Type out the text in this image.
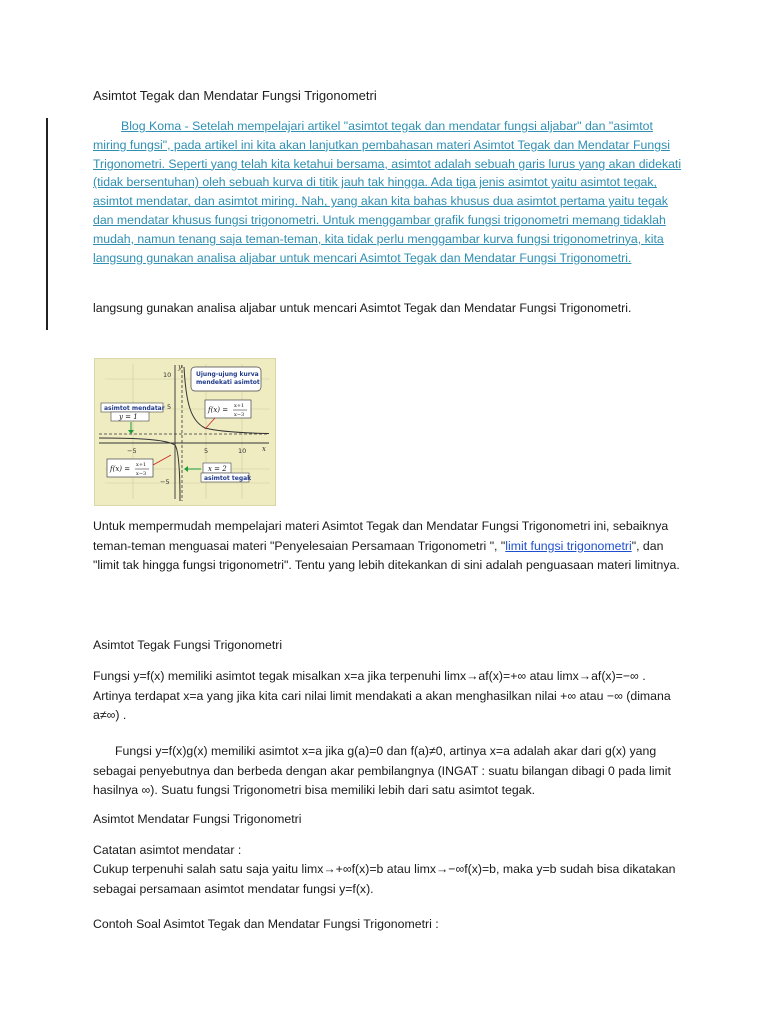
Asimtot Tegak dan Mendatar Fungsi Trigonometri
Blog Koma - Setelah mempelajari artikel "asimtot tegak dan mendatar fungsi aljabar" dan "asimtot miring fungsi", pada artikel ini kita akan lanjutkan pembahasan materi Asimtot Tegak dan Mendatar Fungsi Trigonometri. Seperti yang telah kita ketahui bersama, asimtot adalah sebuah garis lurus yang akan didekati (tidak bersentuhan) oleh sebuah kurva di titik jauh tak hingga. Ada tiga jenis asimtot yaitu asimtot tegak, asimtot mendatar, dan asimtot miring. Nah, yang akan kita bahas khusus dua asimtot pertama yaitu tegak dan mendatar khusus fungsi trigonometri. Untuk menggambar grafik fungsi trigonometri memang tidaklah mudah, namun tenang saja teman-teman, kita tidak perlu menggambar kurva fungsi trigonometrinya, kita langsung gunakan analisa aljabar untuk mencari Asimtot Tegak dan Mendatar Fungsi Trigonometri.
langsung gunakan analisa aljabar untuk mencari Asimtot Tegak dan Mendatar Fungsi Trigonometri.
10
5
−5
−5	5	10 x
y
Ujung-ujung kurva mendekati asimtot
f(x) = x+1
x−3
asimtot mendatar
y = 1
f(x) = x+1
x−3
x = 2
asimtot tegak
Untuk mempermudah mempelajari materi Asimtot Tegak dan Mendatar Fungsi Trigonometri ini, sebaiknya teman-teman menguasai materi "Penyelesaian Persamaan Trigonometri ", "limit fungsi trigonometri", dan "limit tak hingga fungsi trigonometri". Tentu yang lebih ditekankan di sini adalah penguasaan materi limitnya.
Asimtot Tegak Fungsi Trigonometri
Fungsi y=f(x) memiliki asimtot tegak misalkan x=a jika terpenuhi limx→af(x)=+∞ atau limx→af(x)=−∞ . Artinya terdapat x=a yang jika kita cari nilai limit mendakati a akan menghasilkan nilai +∞ atau −∞ (dimana a≠∞) .
Fungsi y=f(x)g(x) memiliki asimtot x=a jika g(a)=0 dan f(a)≠0, artinya x=a adalah akar dari g(x) yang sebagai penyebutnya dan berbeda dengan akar pembilangnya (INGAT : suatu bilangan dibagi 0 pada limit hasilnya ∞). Suatu fungsi Trigonometri bisa memiliki lebih dari satu asimtot tegak.
Asimtot Mendatar Fungsi Trigonometri
Catatan asimtot mendatar :
Cukup terpenuhi salah satu saja yaitu limx→+∞f(x)=b atau limx→−∞f(x)=b, maka y=b sudah bisa dikatakan sebagai persamaan asimtot mendatar fungsi y=f(x).
Contoh Soal Asimtot Tegak dan Mendatar Fungsi Trigonometri :
